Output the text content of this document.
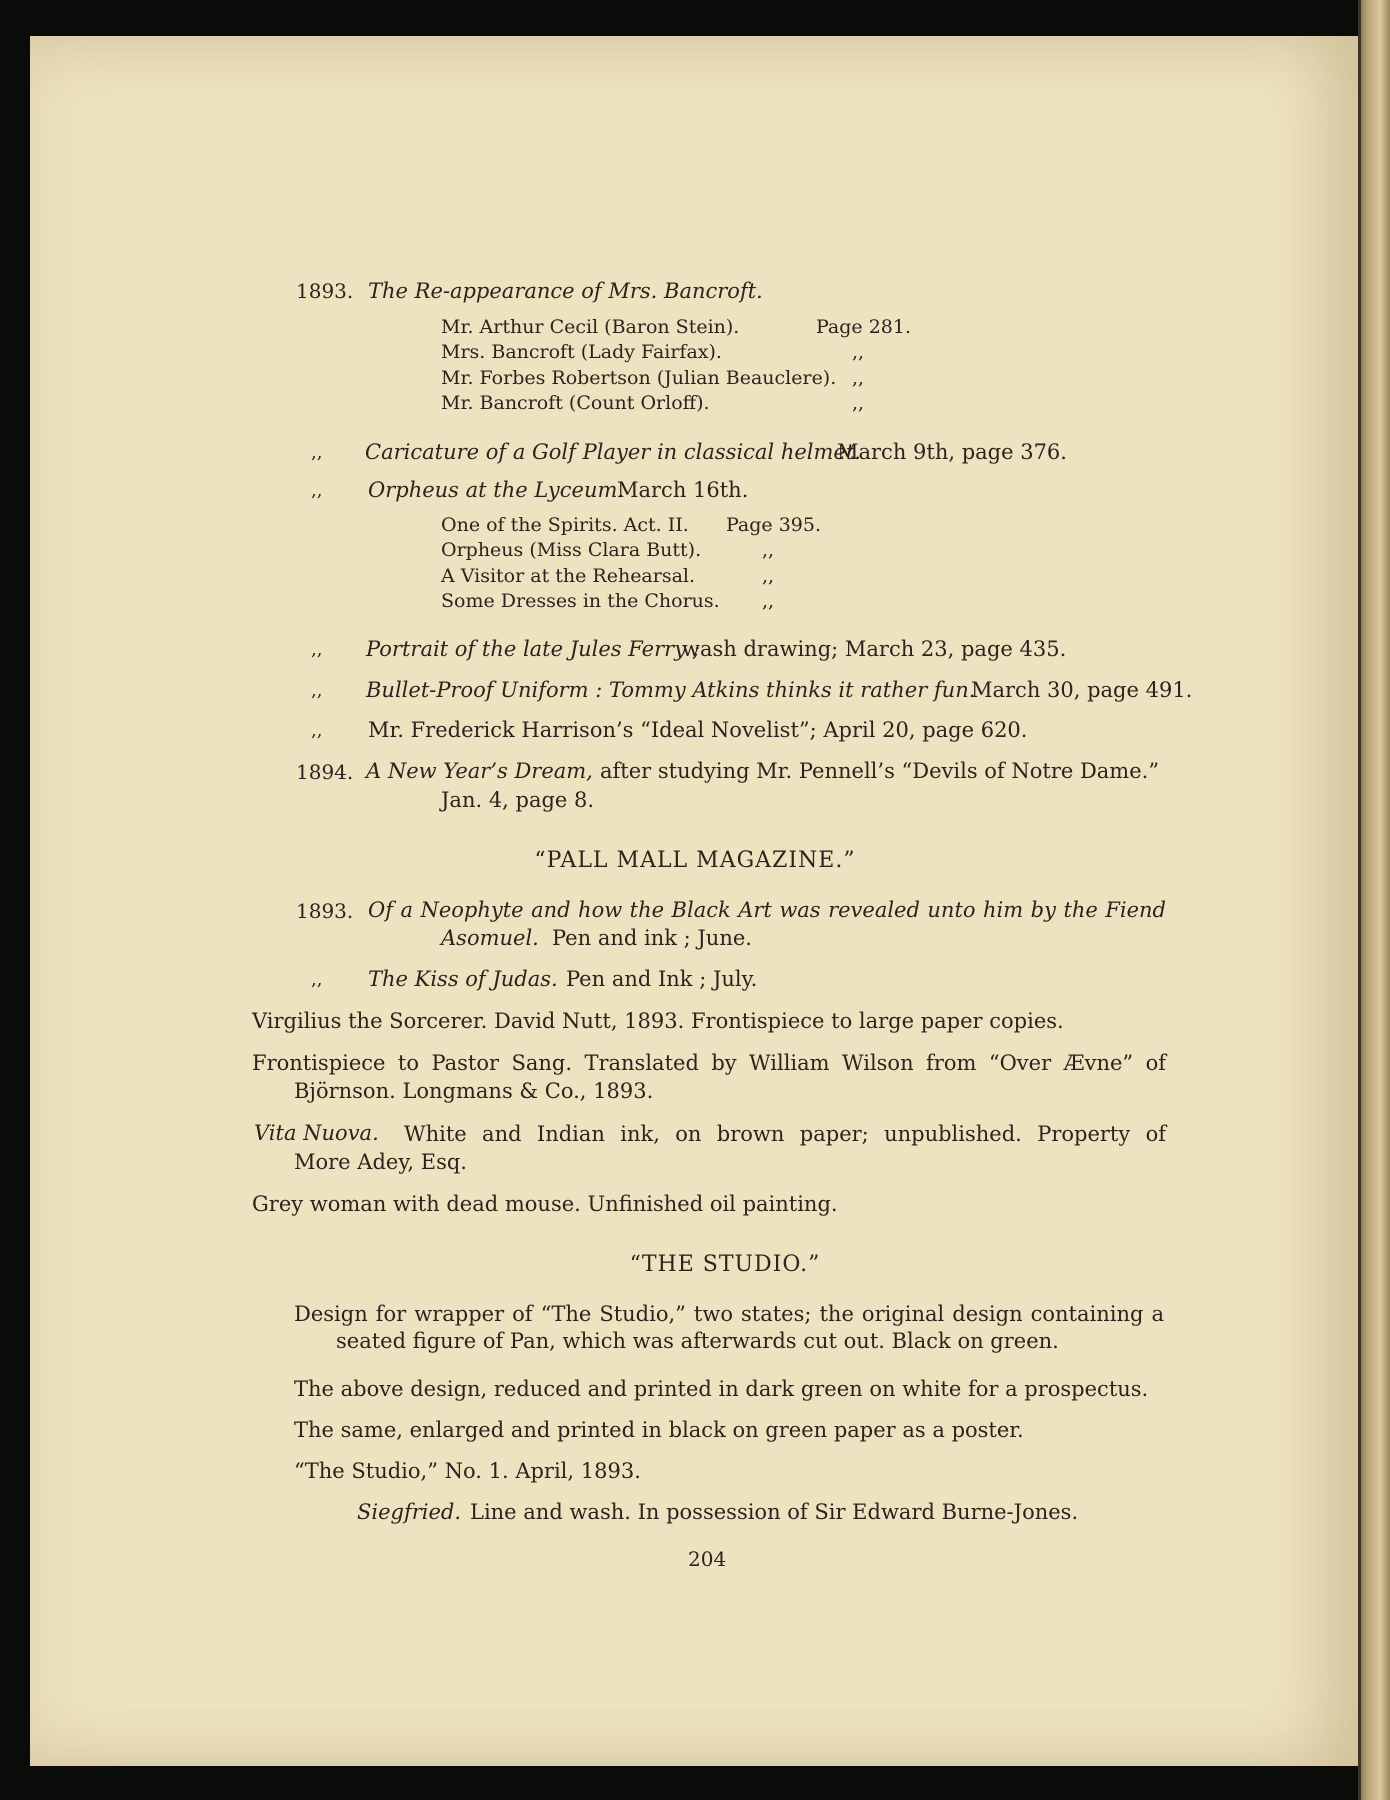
1893. The Re-appearance of Mrs. Bancroft.
Mr. Arthur Cecil (Baron Stein).	Page 281.
Mrs. Bancroft (Lady Fairfax).	,,
Mr. Forbes Robertson (Julian Beauclere). ,,
Mr. Bancroft (Count Orloff).	,,
,, Caricature of a Golf Player in classical helmet.
March 9th, page 376.
,, Orpheus at the Lyceum.
March 16th.
One of the Spirits. Act. II. Page 395.
Orpheus (Miss Clara Butt).	,,
A Visitor at the Rehearsal.	,,
Some Dresses in the Chorus. ,,
,, Portrait of the late Jules Ferry ;
wash drawing; March 23, page 435.
,, Bullet-Proof Uniform : Tommy Atkins thinks it rather fun.
March 30, page 491.
,, Mr. Frederick Harrison’s “Ideal Novelist”; April 20, page 620.
1894. A New Year’s Dream, after studying Mr. Pennell’s “Devils of Notre Dame.”
Jan. 4, page 8.
“PALL MALL MAGAZINE.”
1893. Of a Neophyte and how the Black Art was revealed unto him by the Fiend
Asomuel. Pen and ink ; June.
,, The Kiss of Judas. Pen and Ink ; July.
Virgilius the Sorcerer. David Nutt, 1893. Frontispiece to large paper copies.
Frontispiece to Pastor Sang. Translated by William Wilson from “Over Ævne” of
Björnson. Longmans & Co., 1893.
Vita Nuova. White and Indian ink, on brown paper; unpublished. Property of
More Adey, Esq.
Grey woman with dead mouse. Unfinished oil painting.
“THE STUDIO.”
Design for wrapper of “The Studio,” two states; the original design containing a
seated figure of Pan, which was afterwards cut out. Black on green.
The above design, reduced and printed in dark green on white for a prospectus.
The same, enlarged and printed in black on green paper as a poster.
“The Studio,” No. 1. April, 1893.
Siegfried. Line and wash. In possession of Sir Edward Burne-Jones.
204
